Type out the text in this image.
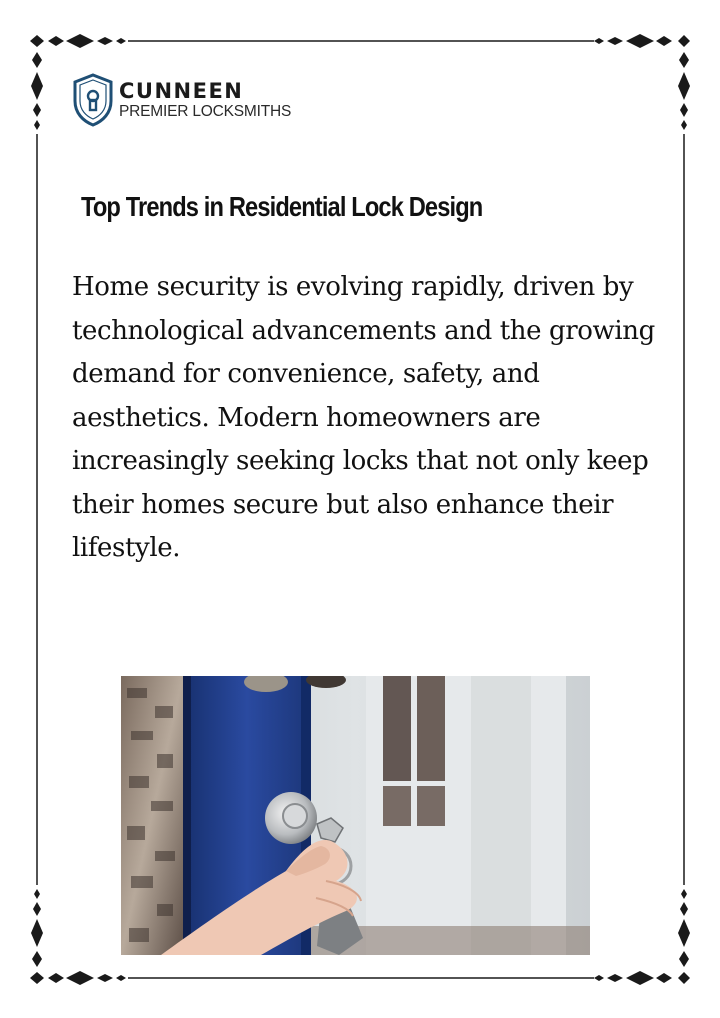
CUNNEEN
PREMIER LOCKSMITHS
Top Trends in Residential Lock Design

Home security is evolving rapidly, driven by technological advancements and the growing demand for convenience, safety, and aesthetics. Modern homeowners are increasingly seeking locks that not only keep their homes secure but also enhance their lifestyle.
